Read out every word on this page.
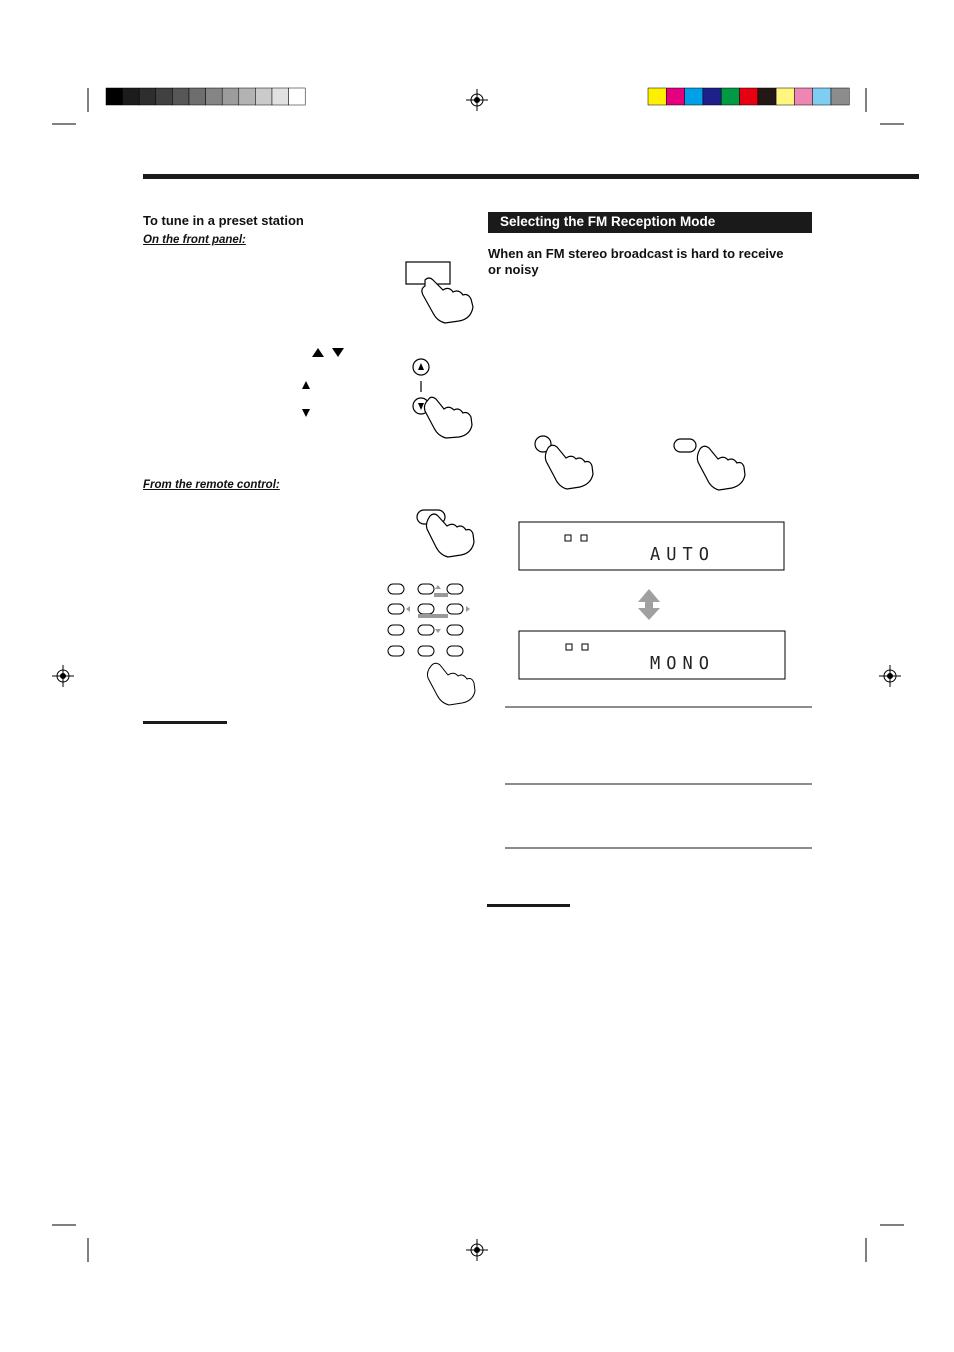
To tune in a preset station
On the front panel:
From the remote control:
Selecting the FM Reception Mode
When an FM stereo broadcast is hard to receive or noisy
AUTO
MONO
